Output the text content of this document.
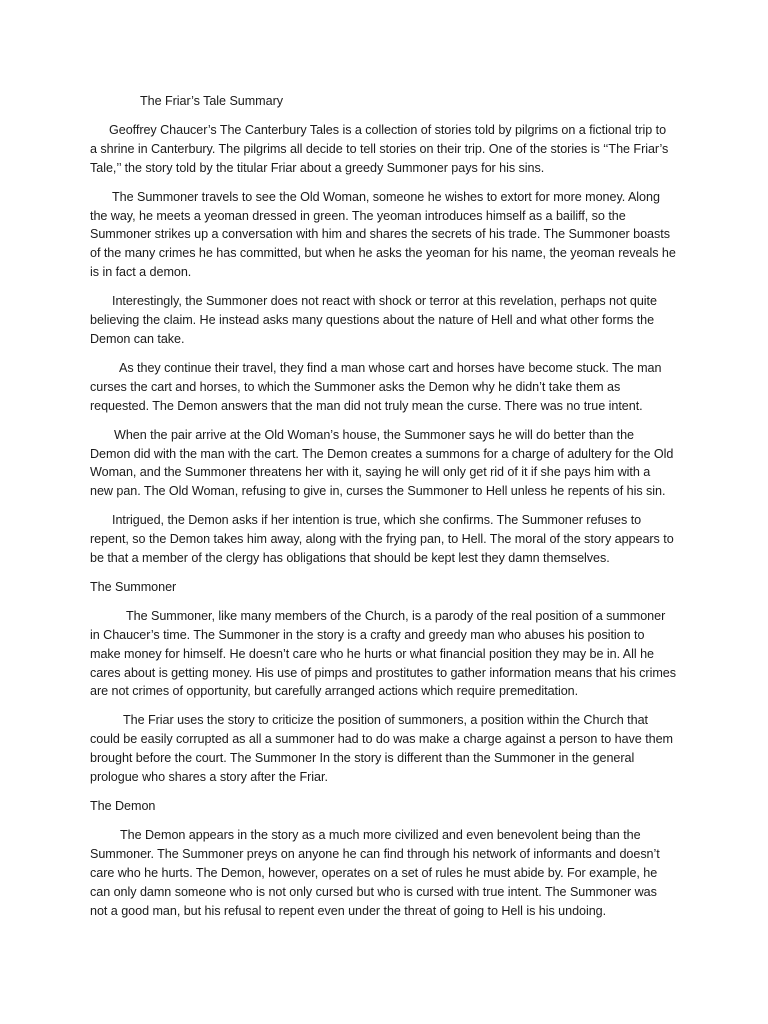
The Friar’s Tale Summary

Geoffrey Chaucer’s The Canterbury Tales is a collection of stories told by pilgrims on a fictional trip to a shrine in Canterbury. The pilgrims all decide to tell stories on their trip. One of the stories is ‘‘The Friar’s Tale,’’ the story told by the titular Friar about a greedy Summoner pays for his sins.

The Summoner travels to see the Old Woman, someone he wishes to extort for more money. Along the way, he meets a yeoman dressed in green. The yeoman introduces himself as a bailiff, so the Summoner strikes up a conversation with him and shares the secrets of his trade. The Summoner boasts of the many crimes he has committed, but when he asks the yeoman for his name, the yeoman reveals he is in fact a demon.

Interestingly, the Summoner does not react with shock or terror at this revelation, perhaps not quite believing the claim. He instead asks many questions about the nature of Hell and what other forms the Demon can take.

As they continue their travel, they find a man whose cart and horses have become stuck. The man curses the cart and horses, to which the Summoner asks the Demon why he didn’t take them as requested. The Demon answers that the man did not truly mean the curse. There was no true intent.

When the pair arrive at the Old Woman’s house, the Summoner says he will do better than the Demon did with the man with the cart. The Demon creates a summons for a charge of adultery for the Old Woman, and the Summoner threatens her with it, saying he will only get rid of it if she pays him with a new pan. The Old Woman, refusing to give in, curses the Summoner to Hell unless he repents of his sin.

Intrigued, the Demon asks if her intention is true, which she confirms. The Summoner refuses to repent, so the Demon takes him away, along with the frying pan, to Hell. The moral of the story appears to be that a member of the clergy has obligations that should be kept lest they damn themselves.

The Summoner

The Summoner, like many members of the Church, is a parody of the real position of a summoner in Chaucer’s time. The Summoner in the story is a crafty and greedy man who abuses his position to make money for himself. He doesn’t care who he hurts or what financial position they may be in. All he cares about is getting money. His use of pimps and prostitutes to gather information means that his crimes are not crimes of opportunity, but carefully arranged actions which require premeditation.

The Friar uses the story to criticize the position of summoners, a position within the Church that could be easily corrupted as all a summoner had to do was make a charge against a person to have them brought before the court. The Summoner In the story is different than the Summoner in the general prologue who shares a story after the Friar.

The Demon

The Demon appears in the story as a much more civilized and even benevolent being than the Summoner. The Summoner preys on anyone he can find through his network of informants and doesn’t care who he hurts. The Demon, however, operates on a set of rules he must abide by. For example, he can only damn someone who is not only cursed but who is cursed with true intent. The Summoner was not a good man, but his refusal to repent even under the threat of going to Hell is his undoing.
